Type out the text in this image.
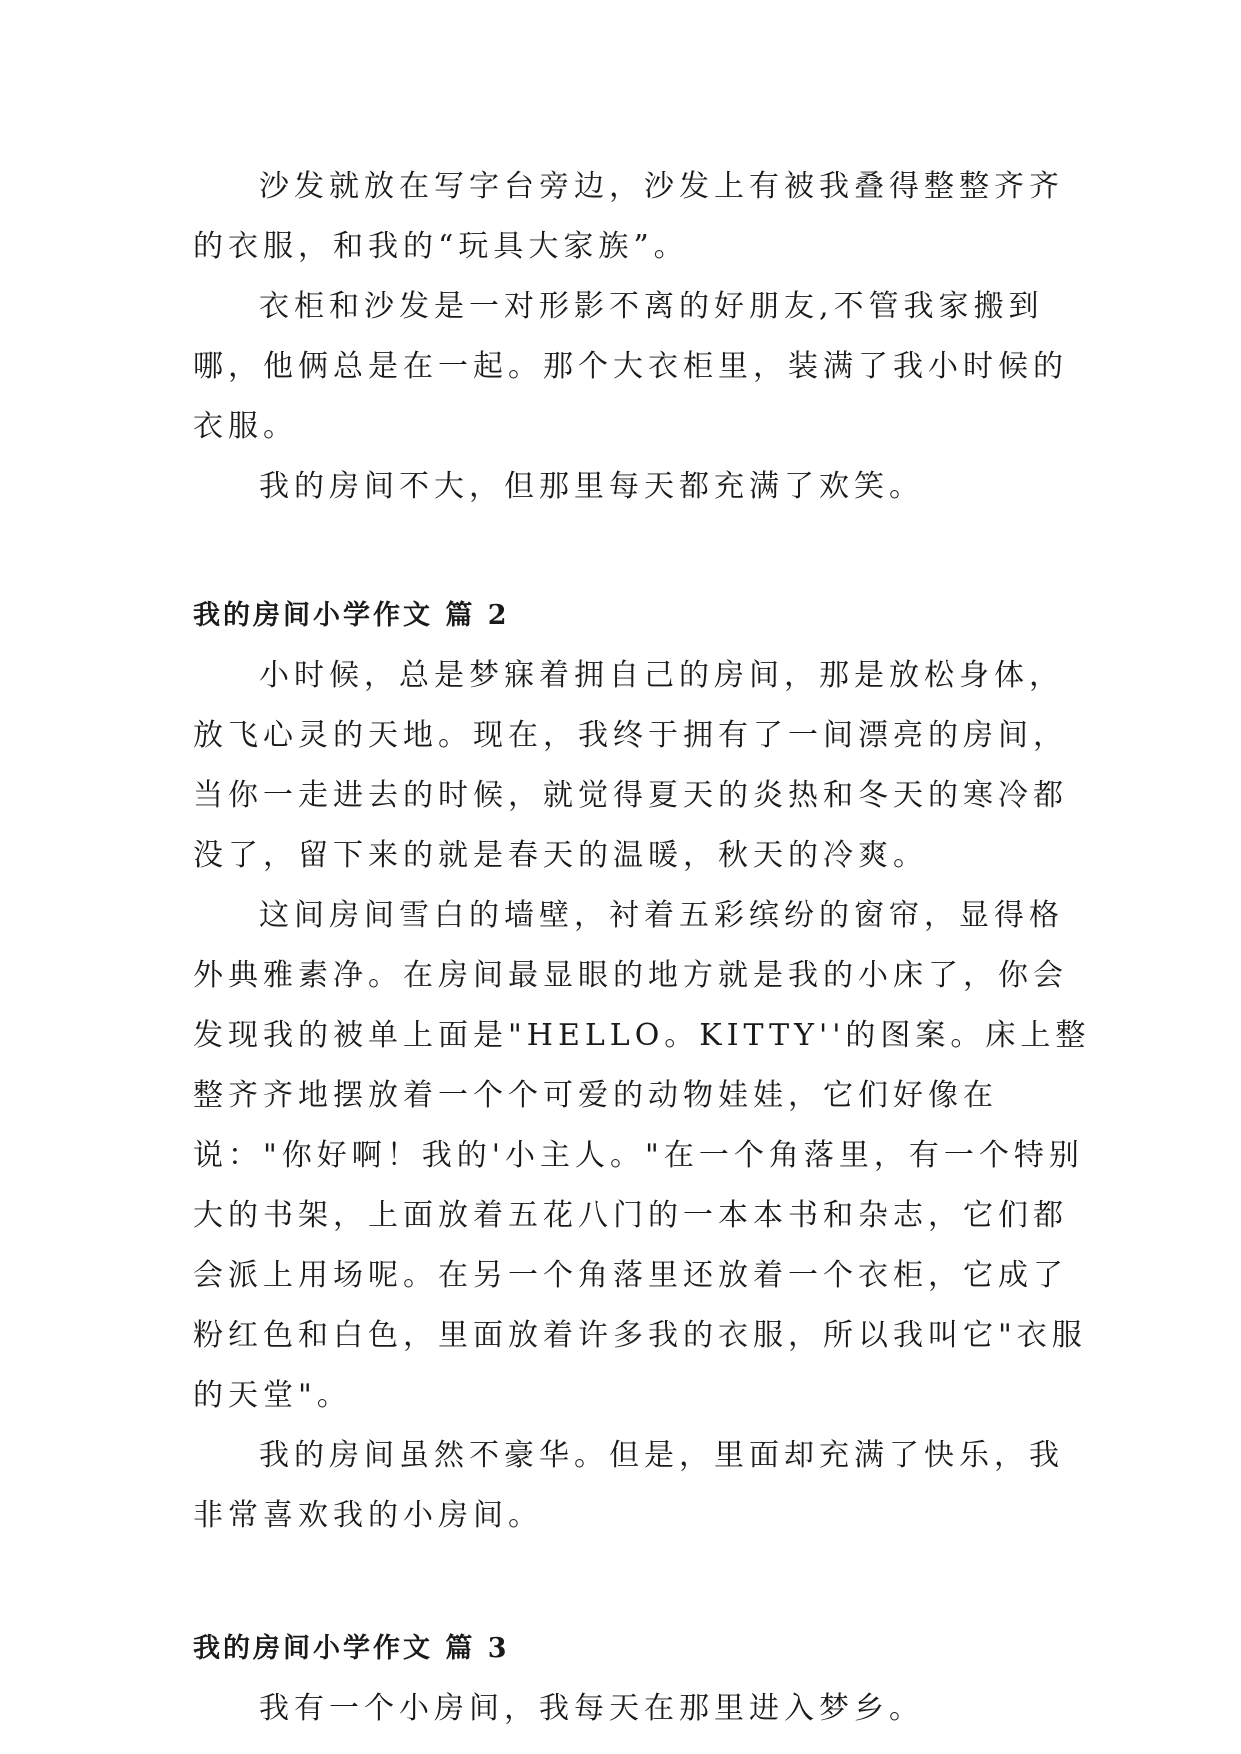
沙发就放在写字台旁边，沙发上有被我叠得整整齐齐的衣服，和我的“玩具大家族”。

衣柜和沙发是一对形影不离的好朋友,不管我家搬到哪，他俩总是在一起。那个大衣柜里，装满了我小时候的衣服。

我的房间不大，但那里每天都充满了欢笑。

我的房间小学作文 篇 2

小时候，总是梦寐着拥自己的房间，那是放松身体，放飞心灵的天地。现在，我终于拥有了一间漂亮的房间，当你一走进去的时候，就觉得夏天的炎热和冬天的寒冷都没了，留下来的就是春天的温暖，秋天的冷爽。

这间房间雪白的墙壁，衬着五彩缤纷的窗帘，显得格外典雅素净。在房间最显眼的地方就是我的小床了，你会发现我的被单上面是"HELLO。KITTY''的图案。床上整整齐齐地摆放着一个个可爱的动物娃娃，它们好像在说："你好啊！我的'小主人。"在一个角落里，有一个特别大的书架，上面放着五花八门的一本本书和杂志，它们都会派上用场呢。在另一个角落里还放着一个衣柜，它成了粉红色和白色，里面放着许多我的衣服，所以我叫它"衣服的天堂"。

我的房间虽然不豪华。但是，里面却充满了快乐，我非常喜欢我的小房间。

我的房间小学作文 篇 3

我有一个小房间，我每天在那里进入梦乡。
